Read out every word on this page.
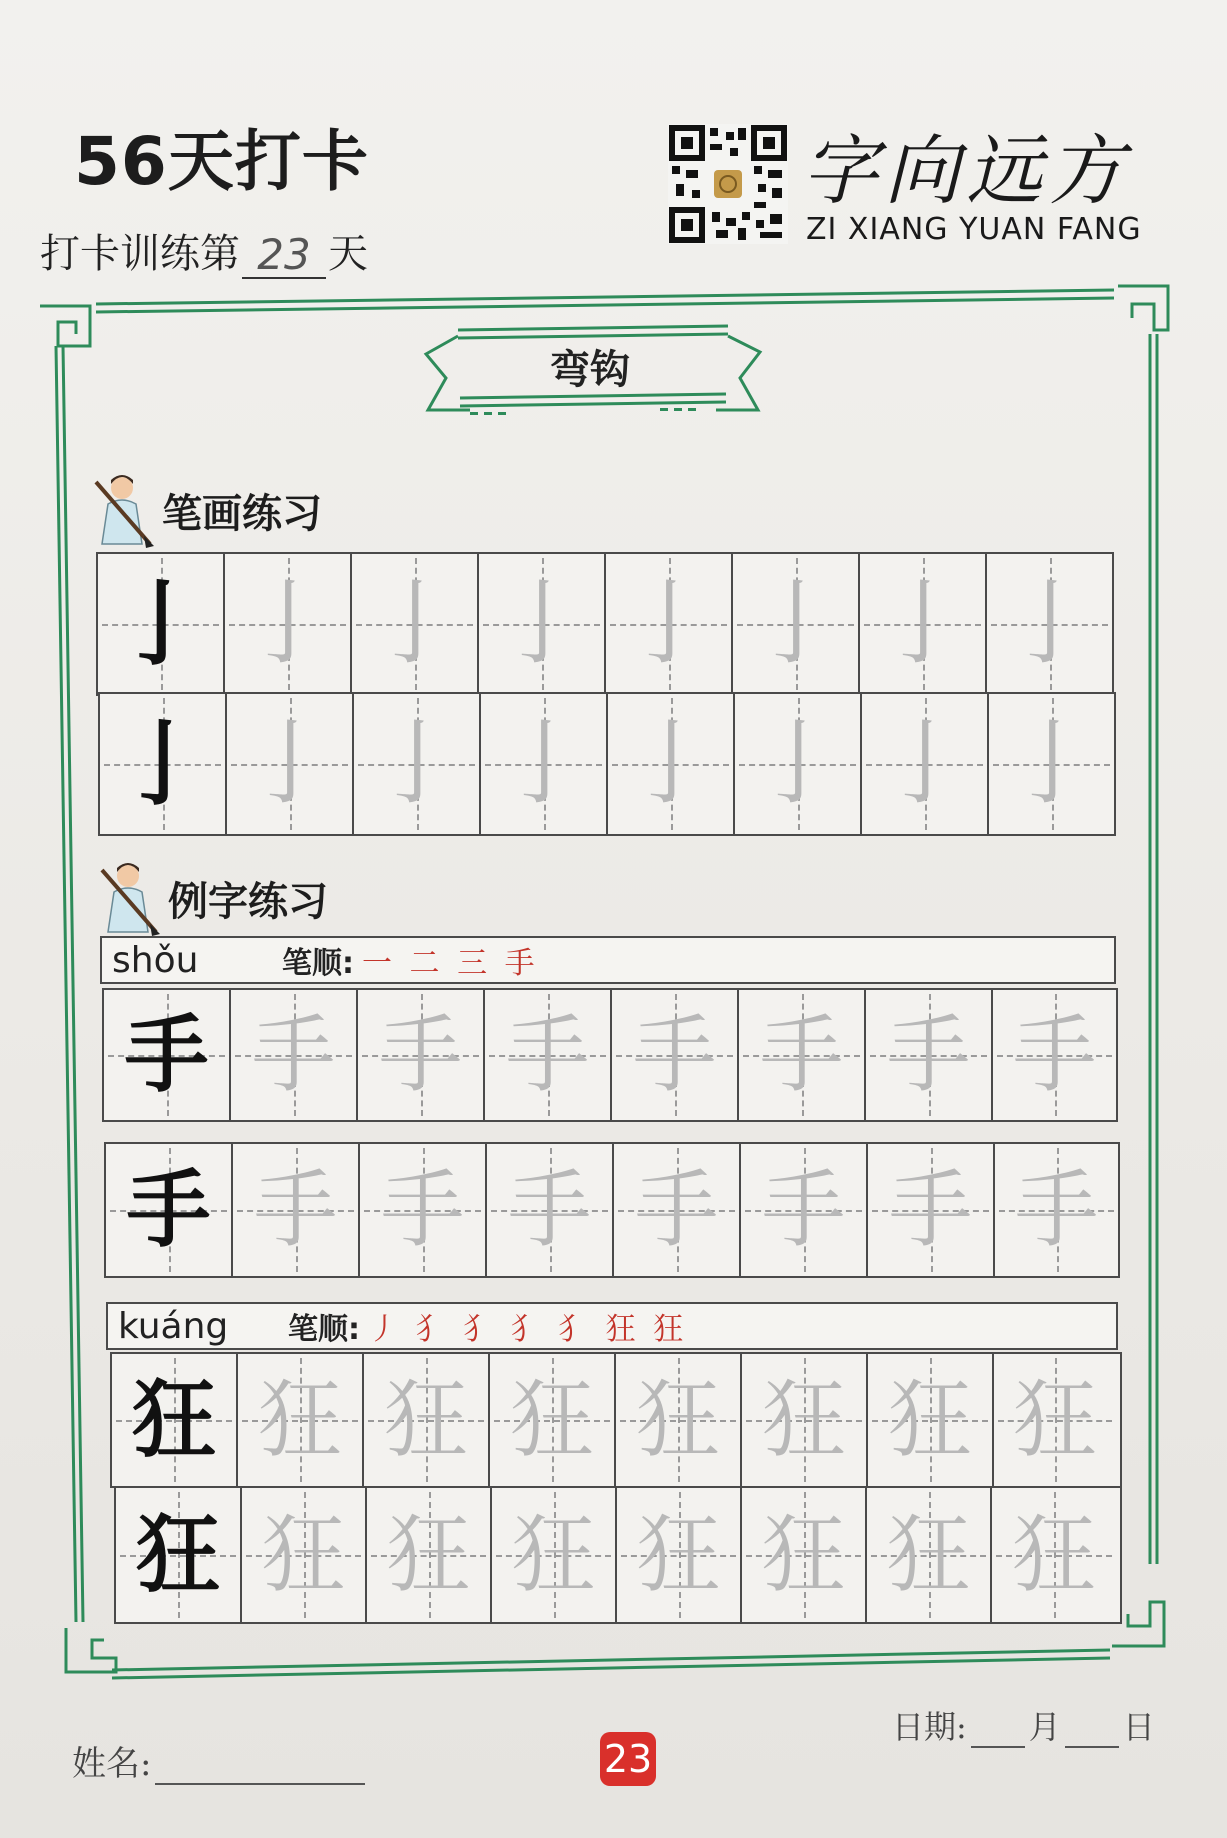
56天打卡
打卡训练第 23 天
字向远方
ZI XIANG YUAN FANG
弯钩
笔画练习
亅 亅 亅 亅 亅 亅 亅 亅
亅 亅 亅 亅 亅 亅 亅 亅
例字练习
shǒu	笔顺: 一 二 三 手
手 手 手 手 手 手 手 手
手 手 手 手 手 手 手 手
kuáng	笔顺: 丿 犭 犭 犭 犭 狂 狂
狂 狂 狂 狂 狂 狂 狂 狂
狂 狂 狂 狂 狂 狂 狂 狂
姓名:	23
日期: 月 日
